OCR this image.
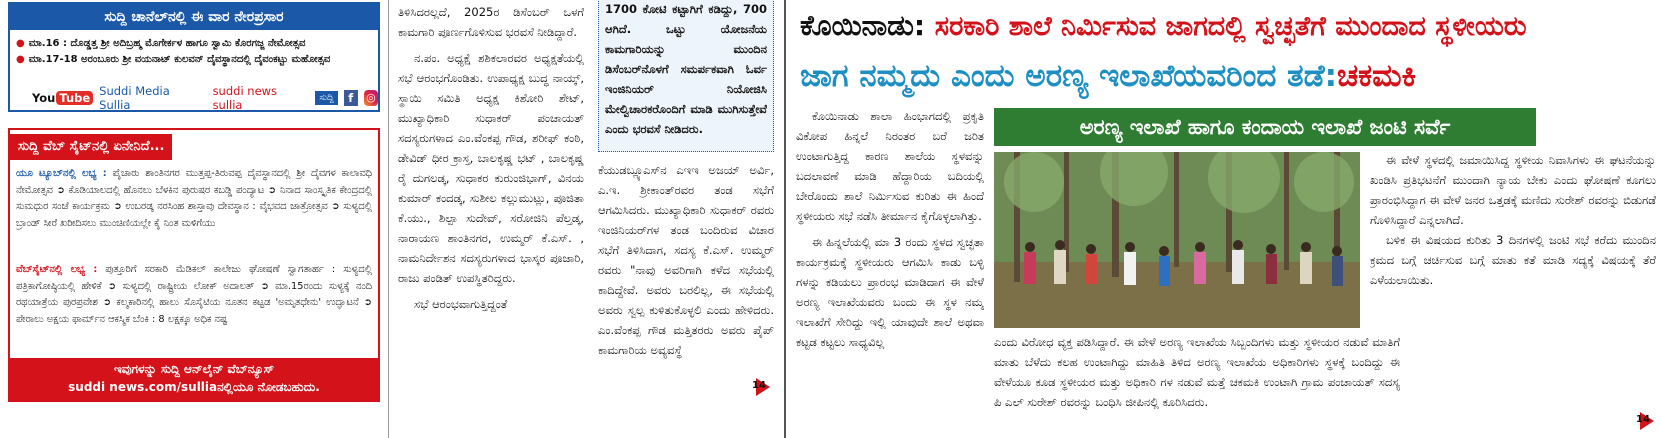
ಸುದ್ದಿ ಚಾನೆಲ್‌ನಲ್ಲಿ ಈ ವಾರ ನೇರಪ್ರಸಾರ
● ಮಾ.16 : ದೊಡ್ಡತ್ತ ಶ್ರೀ ಅದಿಬ್ರಹ್ಮ ಮೊಗೇರ್ಕಳ ಹಾಗೂ ಸ್ವಾಮಿ ಕೊರಗಜ್ಜ ನೇಮೋತ್ಸವ
● ಮಾ.17-18 ಅರಂಬೂರು ಶ್ರೀ ವಯನಾಟ್ ಕುಲವನ್ ದೈವಸ್ಥಾನದಲ್ಲಿ ದೈವಂಕಟ್ಟು ಮಹೋತ್ಸವ
You Tube Suddi Media Sullia
suddi news sullia	ಸುದ್ದಿ	f	◎
ಸುದ್ದಿ ವೆಬ್ ಸೈಟ್‌ನಲ್ಲಿ ಏನೇನಿದೆ...
ಯೂ ಟ್ಯೂಬ್‌ನಲ್ಲಿ ಲಭ್ಯ : ಪೈಚಾರು ಶಾಂತಿನಗರ ಮುತ್ತಪ್ಪ-ತಿರುವಪ್ಪ ದೈವಸ್ಥಾನದಲ್ಲಿ ಶ್ರೀ ದೈವಗಳ ಕಾಲಾವಧಿ ನೇಮೋತ್ಸವ ➲ ಕೊಡಿಯಾಲದಲ್ಲಿ ಹೊನಲು ಬೆಳಕಿನ ಪುರುಷರ ಕಬಡ್ಡಿ ಪಂದ್ಯಾಟ ➲ ನಿನಾದ ಸಾಂಸ್ಕೃತಿಕ ಕೇಂದ್ರದಲ್ಲಿ ಸುಮಧುರ ಸಂಜೆ ಕಾರ್ಯಕ್ರಮ ➲ ಉಬರಡ್ಕ ನರಸಿಂಹ ಶಾಸ್ತಾವು ದೇವಸ್ಥಾನ : ವೈಭವದ ಜಾತ್ರೋತ್ಸವ ➲ ಸುಳ್ಯದಲ್ಲಿ ಬ್ರಾಂಡ್ ಸೀರೆ ಖರೀದಿಸಲು ಮುಂಚಿಣಿಯಲ್ಲೇ ಕೈ ನಿಂತ ಮಳಿಗೆಯು
ವೆಬ್‌ಸೈಟ್‌ನಲ್ಲಿ ಲಭ್ಯ : ಪುತ್ತೂರಿಗೆ ಸರಕಾರಿ ಮೆಡಿಕಲ್ ಕಾಲೇಜು ಘೋಷಣೆ ಸ್ವಾಗತಾರ್ಹ : ಸುಳ್ಯದಲ್ಲಿ ಪತ್ರಿಕಾಗೋಷ್ಠಿಯಲ್ಲಿ ಹೇಳಿಕೆ ➲ ಸುಳ್ಯದಲ್ಲಿ ರಾಷ್ಟ್ರೀಯ ಲೋಕ್ ಅದಾಲತ್ ➲ ಮಾ.15ರಂದು ಸುಳ್ಯಕ್ಕೆ ನಂದಿ ರಥಯಾತ್ರೆಯ ಪುರಪ್ರವೇಶ ➲ ಕಲ್ಮಕಾರಿನಲ್ಲಿ ಹಾಲು ಸೊಸೈಟಿಯ ನೂತನ ಕಟ್ಟಡ 'ಅಮೃತಧೇನು' ಉದ್ಘಾಟನೆ ➲ ಪೇರಾಲು ಅಕ್ಷಯ ಫಾರ್ಮ್‌ನ ಆಕಸ್ಮಿಕ ಬೆಂಕಿ : 8 ಲಕ್ಷಕ್ಕೂ ಅಧಿಕ ನಷ್ಟ
ಇವುಗಳನ್ನು ಸುದ್ದಿ ಆನ್‌ಲೈನ್ ವೆಬ್‌ನ್ಯೂಸ್
suddi news.com/sulliaನಲ್ಲಿಯೂ ನೋಡಬಹುದು.

ತಿಳಿಸಿದರಲ್ಲದೆ, 2025ರ ಡಿಸೆಂಬರ್ ಒಳಗೆ ಕಾಮಗಾರಿ ಪೂರ್ಣಗೊಳಿಸುವ ಭರವಸೆ ನೀಡಿದ್ದಾರೆ.

ನ.ಪಂ. ಅಧ್ಯಕ್ಷೆ ಶಶಿಕಲಾರವರ ಅಧ್ಯಕ್ಷತೆಯಲ್ಲಿ ಸಭೆ ಆರಂಭಗೊಂಡಿತು. ಉಪಾಧ್ಯಕ್ಷ ಬುದ್ಧ ನಾಯ್ಕ್, ಸ್ಥಾಯಿ ಸಮಿತಿ ಅಧ್ಯಕ್ಷ ಕಿಶೋರಿ ಶೇಟ್, ಮುಖ್ಯಾಧಿಕಾರಿ ಸುಧಾಕರ್ ಪಂಚಾಯತ್ ಸದಸ್ಯರುಗಳಾದ ಎಂ.ವೆಂಕಪ್ಪ ಗೌಡ, ಶರೀಫ್ ಕಂಠಿ, ಡೇವಿಡ್ ಧೀರ ಕ್ರಾಸ್ತ, ಬಾಲಕೃಷ್ಣ ಭಟ್ , ಬಾಲಕೃಷ್ಣ ರೈ ದುಗಲಡ್ಕ, ಸುಧಾಕರ ಕುರುಂಜಿಭಾಗ್, ವಿನಯ ಕುಮಾರ್ ಕಂದಡ್ಕ, ಸುಶೀಲ ಕಲ್ಲುಮುಟ್ಲು, ಪೂಜಿತಾ ಕೆ.ಯು., ಶಿಲ್ಪಾ ಸುದೇವ್, ಸರೋಜಿನಿ ಪೆಲ್ತಡ್ಕ, ನಾರಾಯಣ ಶಾಂತಿನಗರ, ಉಮ್ಮರ್ ಕೆ.ಎಸ್. , ನಾಮನಿರ್ದೇಶನ ಸದಸ್ಯರುಗಳಾದ ಭಾಸ್ಕರ ಪೂಜಾರಿ, ರಾಜು ಪಂಡಿತ್ ಉಪಸ್ಥಿತರಿದ್ದರು.

ಸಭೆ ಆರಂಭವಾಗುತ್ತಿದ್ದಂತೆ

1700 ಕೋಟಿ ಕಟ್ಟಾಗಿಗೆ ಕಡಿದ್ದು, 700 ಆಗಿದೆ. ಒಟ್ಟು ಯೋಜನೆಯ ಕಾಮಗಾರಿಯನ್ನು ಮುಂದಿನ ಡಿಸೆಂಬರ್‌ನೊಳಗೆ ಸಮರ್ಪಕವಾಗಿ ಓರ್ವ ಇಂಜಿನಿಯರ್ ನಿಯೋಜಿಸಿ ಮೇಲ್ವಿಚಾರಕರೊಂದಿಗೆ ಮಾಡಿ ಮುಗಿಸುತ್ತೇವೆ ಎಂದು ಭರವಸೆ ನೀಡಿದರು.
ಕೆಯುಡಬ್ಲ್ಯೂಎಸ್‌ನ ಎಇಇ ಅಜಯ್ ಅರ್ವಿ, ಎ.ಇ. ಶ್ರೀಕಾಂತ್‌ರವರ ತಂಡ ಸಭೆಗೆ ಆಗಮಿಸಿದರು. ಮುಖ್ಯಾಧಿಕಾರಿ ಸುಧಾಕರ್ ರವರು ಇಂಜಿನಿಯರ್‌ಗಳ ತಂಡ ಬಂದಿರುವ ವಿಚಾರ ಸಭೆಗೆ ತಿಳಿಸಿದಾಗ, ಸದಸ್ಯ ಕೆ.ಎಸ್. ಉಮ್ಮರ್ ರವರು "ನಾವು ಅವರಿಗಾಗಿ ಕಳೆದ ಸಭೆಯಲ್ಲಿ ಕಾದಿದ್ದೇವೆ. ಅವರು ಬರಲಿಲ್ಲ, ಈ ಸಭೆಯಲ್ಲಿ ಅವರು ಸ್ವಲ್ಪ ಕುಳಿತುಕೊಳ್ಳಲಿ ಎಂದು ಹೇಳಿದರು. ಎಂ.ವೆಂಕಪ್ಪ ಗೌಡ ಮತ್ತಿತರರು ಅವರು ಪೈಪ್ ಕಾಮಗಾರಿಯ ಅವ್ಯವಸ್ಥೆ
14
ಕೊಯಿನಾಡು: ಸರಕಾರಿ ಶಾಲೆ ನಿರ್ಮಿಸುವ ಜಾಗದಲ್ಲಿ ಸ್ವಚ್ಛತೆಗೆ ಮುಂದಾದ ಸ್ಥಳೀಯರು
ಜಾಗ ನಮ್ಮದು ಎಂದು ಅರಣ್ಯ ಇಲಾಖೆಯವರಿಂದ ತಡೆ:ಚಕಮಕಿ
ಅರಣ್ಯ ಇಲಾಖೆ ಹಾಗೂ ಕಂದಾಯ ಇಲಾಖೆ ಜಂಟಿ ಸರ್ವೆ

ಕೊಯಿನಾಡು ಶಾಲಾ ಹಿಂಭಾಗದಲ್ಲಿ ಪ್ರಕೃತಿ ವಿಕೋಪ ಹಿನ್ನಲೆ ನಿರಂತರ ಬರೆ ಜರಿತ ಉಂಟಾಗುತ್ತಿದ್ದ ಕಾರಣ ಶಾಲೆಯ ಸ್ಥಳವನ್ನು ಬದಲಾವಣೆ ಮಾಡಿ ಹೆದ್ದಾರಿಯ ಬದಿಯಲ್ಲಿ ಬೇರೊಂದು ಶಾಲೆ ನಿರ್ಮಿಸುವ ಕುರಿತು ಈ ಹಿಂದೆ ಸ್ಥಳೀಯರು ಸಭೆ ನಡೆಸಿ ತೀರ್ಮಾನ ಕೈಗೊಳ್ಳಲಾಗಿತ್ತು.

ಈ ಹಿನ್ನಲೆಯಲ್ಲಿ ಮಾ 3 ರಂದು ಸ್ಥಳದ ಸ್ವಚ್ಛತಾ ಕಾರ್ಯಕ್ರಮಕ್ಕೆ ಸ್ಥಳೀಯರು ಆಗಮಿಸಿ ಕಾಡು ಬಳ್ಳಿ ಗಳನ್ನು ಕಡಿಯಲು ಪ್ರಾರಂಭ ಮಾಡಿದಾಗ ಈ ವೇಳೆ ಅರಣ್ಯ ಇಲಾಖೆಯವರು ಬಂದು ಈ ಸ್ಥಳ ನಮ್ಮ ಇಲಾಖೆಗೆ ಸೇರಿದ್ದು ಇಲ್ಲಿ ಯಾವುದೇ ಶಾಲೆ ಅಥವಾ ಕಟ್ಟಡ ಕಟ್ಟಲು ಸಾಧ್ಯವಿಲ್ಲ	ಎಂದು ವಿರೋಧ ವ್ಯಕ್ತ ಪಡಿಸಿದ್ದಾರೆ. ಈ ವೇಳೆ ಅರಣ್ಯ ಇಲಾಖೆಯ ಸಿಬ್ಬಂದಿಗಳು ಮತ್ತು ಸ್ಥಳೀಯರ ನಡುವೆ ಮಾತಿಗೆ ಮಾತು ಬೆಳೆದು ಕಲಹ ಉಂಟಾಗಿದ್ದು ಮಾಹಿತಿ ತಿಳಿದ ಅರಣ್ಯ ಇಲಾಖೆಯ ಅಧಿಕಾರಿಗಳು ಸ್ಥಳಕ್ಕೆ ಬಂದಿದ್ದು ಈ ವೇಳೆಯೂ ಕೂಡ ಸ್ಥಳೀಯರ ಮತ್ತು ಅಧಿಕಾರಿ ಗಳ ನಡುವೆ ಮತ್ತೆ ಚಕಮಕಿ ಉಂಟಾಗಿ ಗ್ರಾಮ ಪಂಚಾಯತ್ ಸದಸ್ಯ ಪಿ ಎಲ್ ಸುರೇಶ್ ರವರನ್ನು ಬಂಧಿಸಿ ಜೀಪಿನಲ್ಲಿ ಕೂರಿಸಿದರು.

ಈ ವೇಳೆ ಸ್ಥಳದಲ್ಲಿ ಜಮಾಯಿಸಿದ್ದ ಸ್ಥಳೀಯ ನಿವಾಸಿಗಳು ಈ ಘಟನೆಯನ್ನು ಖಂಡಿಸಿ ಪ್ರತಿಭಟನೆಗೆ ಮುಂದಾಗಿ ನ್ಯಾಯ ಬೇಕು ಎಂದು ಘೋಷಣೆ ಕೂಗಲು ಪ್ರಾರಂಭಿಸಿದ್ದಾಗ ಈ ವೇಳೆ ಜನರ ಒತ್ತಡಕ್ಕೆ ಮಣಿದು ಸುರೇಶ್ ರವರನ್ನು ಬಿಡುಗಡೆ ಗೊಳಿಸಿದ್ದಾರೆ ಎನ್ನಲಾಗಿದೆ.

ಬಳಿಕ ಈ ವಿಷಯದ ಕುರಿತು 3 ದಿನಗಳಲ್ಲಿ ಜಂಟಿ ಸಭೆ ಕರೆದು ಮುಂದಿನ ಕ್ರಮದ ಬಗ್ಗೆ ಚರ್ಚಿಸುವ ಬಗ್ಗೆ ಮಾತು ಕತೆ ಮಾಡಿ ಸದ್ಯಕ್ಕೆ ವಿಷಯಕ್ಕೆ ತೆರೆ ಎಳೆಯಲಾಯಿತು.

14
